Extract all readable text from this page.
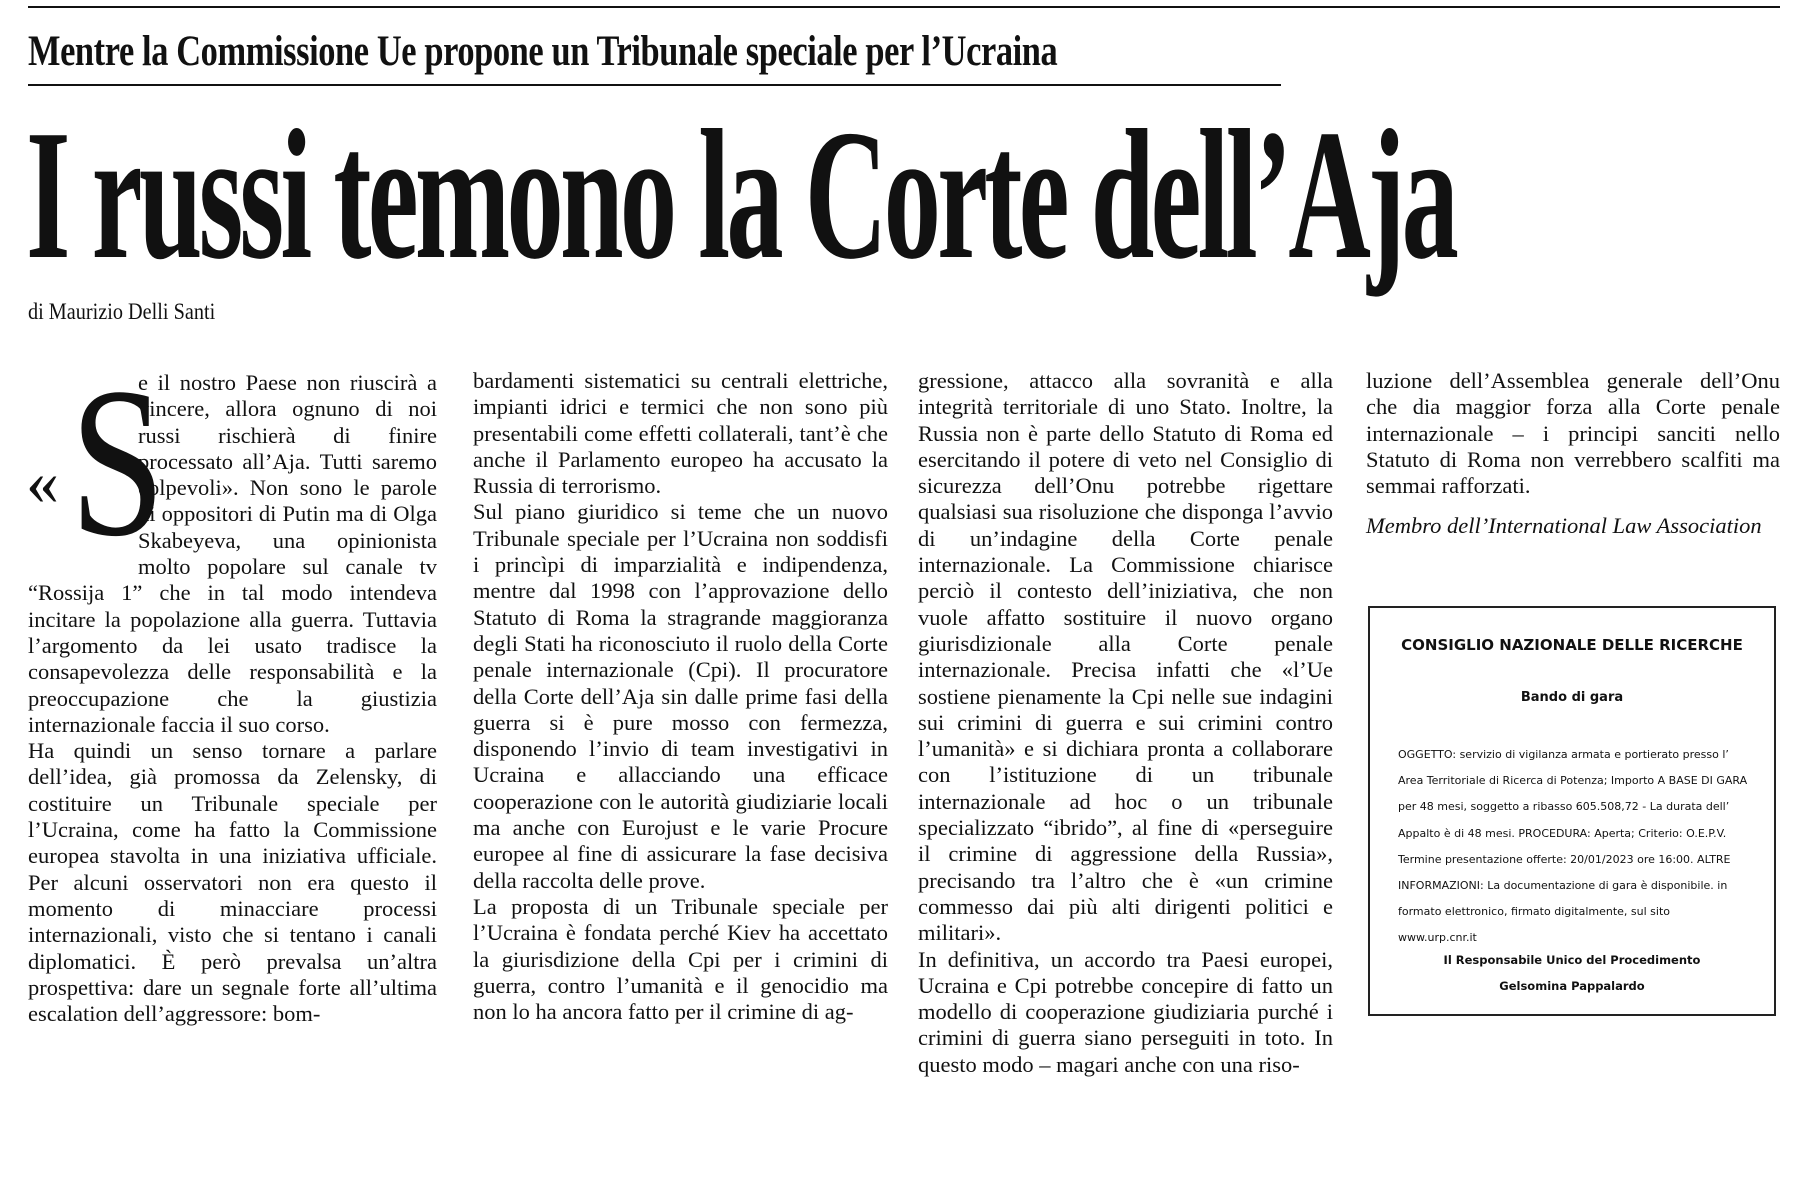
Mentre la Commissione Ue propone un Tribunale speciale per l’Ucraina
I russi temono la Corte dell’Aja
di Maurizio Delli Santi
« S

e il nostro Paese non riuscirà a vincere, allora ognuno di noi russi rischierà di finire processato all’Aja. Tutti saremo colpevoli». Non sono le parole di oppositori di Putin ma di Olga Skabeyeva, una opinionista molto popolare sul canale tv “Rossija 1” che in tal modo intendeva incitare la popolazione alla guerra. Tuttavia l’argomento da lei usato tradisce la consapevolezza delle responsabilità e la preoccupazione che la giustizia internazionale faccia il suo corso.

Ha quindi un senso tornare a parlare dell’idea, già promossa da Zelensky, di costituire un Tribunale speciale per l’Ucraina, come ha fatto la Commissione europea stavolta in una iniziativa ufficiale. Per alcuni osservatori non era questo il momento di minacciare processi internazionali, visto che si tentano i canali diplomatici. È però prevalsa un’altra prospettiva: dare un segnale forte all’ultima escalation dell’aggressore: bom-

bardamenti sistematici su centrali elettriche, impianti idrici e termici che non sono più presentabili come effetti collaterali, tant’è che anche il Parlamento europeo ha accusato la Russia di terrorismo.

Sul piano giuridico si teme che un nuovo Tribunale speciale per l’Ucraina non soddisfi i princìpi di imparzialità e indipendenza, mentre dal 1998 con l’approvazione dello Statuto di Roma la stragrande maggioranza degli Stati ha riconosciuto il ruolo della Corte penale internazionale (Cpi). Il procuratore della Corte dell’Aja sin dalle prime fasi della guerra si è pure mosso con fermezza, disponendo l’invio di team investigativi in Ucraina e allacciando una efficace cooperazione con le autorità giudiziarie locali ma anche con Eurojust e le varie Procure europee al fine di assicurare la fase decisiva della raccolta delle prove.

La proposta di un Tribunale speciale per l’Ucraina è fondata perché Kiev ha accettato la giurisdizione della Cpi per i crimini di guerra, contro l’umanità e il genocidio ma non lo ha ancora fatto per il crimine di ag-

gressione, attacco alla sovranità e alla integrità territoriale di uno Stato. Inoltre, la Russia non è parte dello Statuto di Roma ed esercitando il potere di veto nel Consiglio di sicurezza dell’Onu potrebbe rigettare qualsiasi sua risoluzione che disponga l’avvio di un’indagine della Corte penale internazionale. La Commissione chiarisce perciò il contesto dell’iniziativa, che non vuole affatto sostituire il nuovo organo giurisdizionale alla Corte penale internazionale. Precisa infatti che «l’Ue sostiene pienamente la Cpi nelle sue indagini sui crimini di guerra e sui crimini contro l’umanità» e si dichiara pronta a collaborare con l’istituzione di un tribunale internazionale ad hoc o un tribunale specializzato “ibrido”, al fine di «perseguire il crimine di aggressione della Russia», precisando tra l’altro che è «un crimine commesso dai più alti dirigenti politici e militari».

In definitiva, un accordo tra Paesi europei, Ucraina e Cpi potrebbe concepire di fatto un modello di cooperazione giudiziaria purché i crimini di guerra siano perseguiti in toto. In questo modo – magari anche con una riso-

luzione dell’Assemblea generale dell’Onu che dia maggior forza alla Corte penale internazionale – i principi sanciti nello Statuto di Roma non verrebbero scalfiti ma semmai rafforzati.

Membro dell’International Law Association

CONSIGLIO NAZIONALE DELLE RICERCHE
Bando di gara
OGGETTO: servizio di vigilanza armata e portierato presso l’
Area Territoriale di Ricerca di Potenza; Importo A BASE DI GARA
per 48 mesi, soggetto a ribasso 605.508,72 - La durata dell’
Appalto è di 48 mesi. PROCEDURA: Aperta; Criterio: O.E.P.V.
Termine presentazione offerte: 20/01/2023 ore 16:00. ALTRE
INFORMAZIONI: La documentazione di gara è disponibile. in
formato elettronico, firmato digitalmente, sul sito www.urp.cnr.it
Il Responsabile Unico del Procedimento
Gelsomina Pappalardo
